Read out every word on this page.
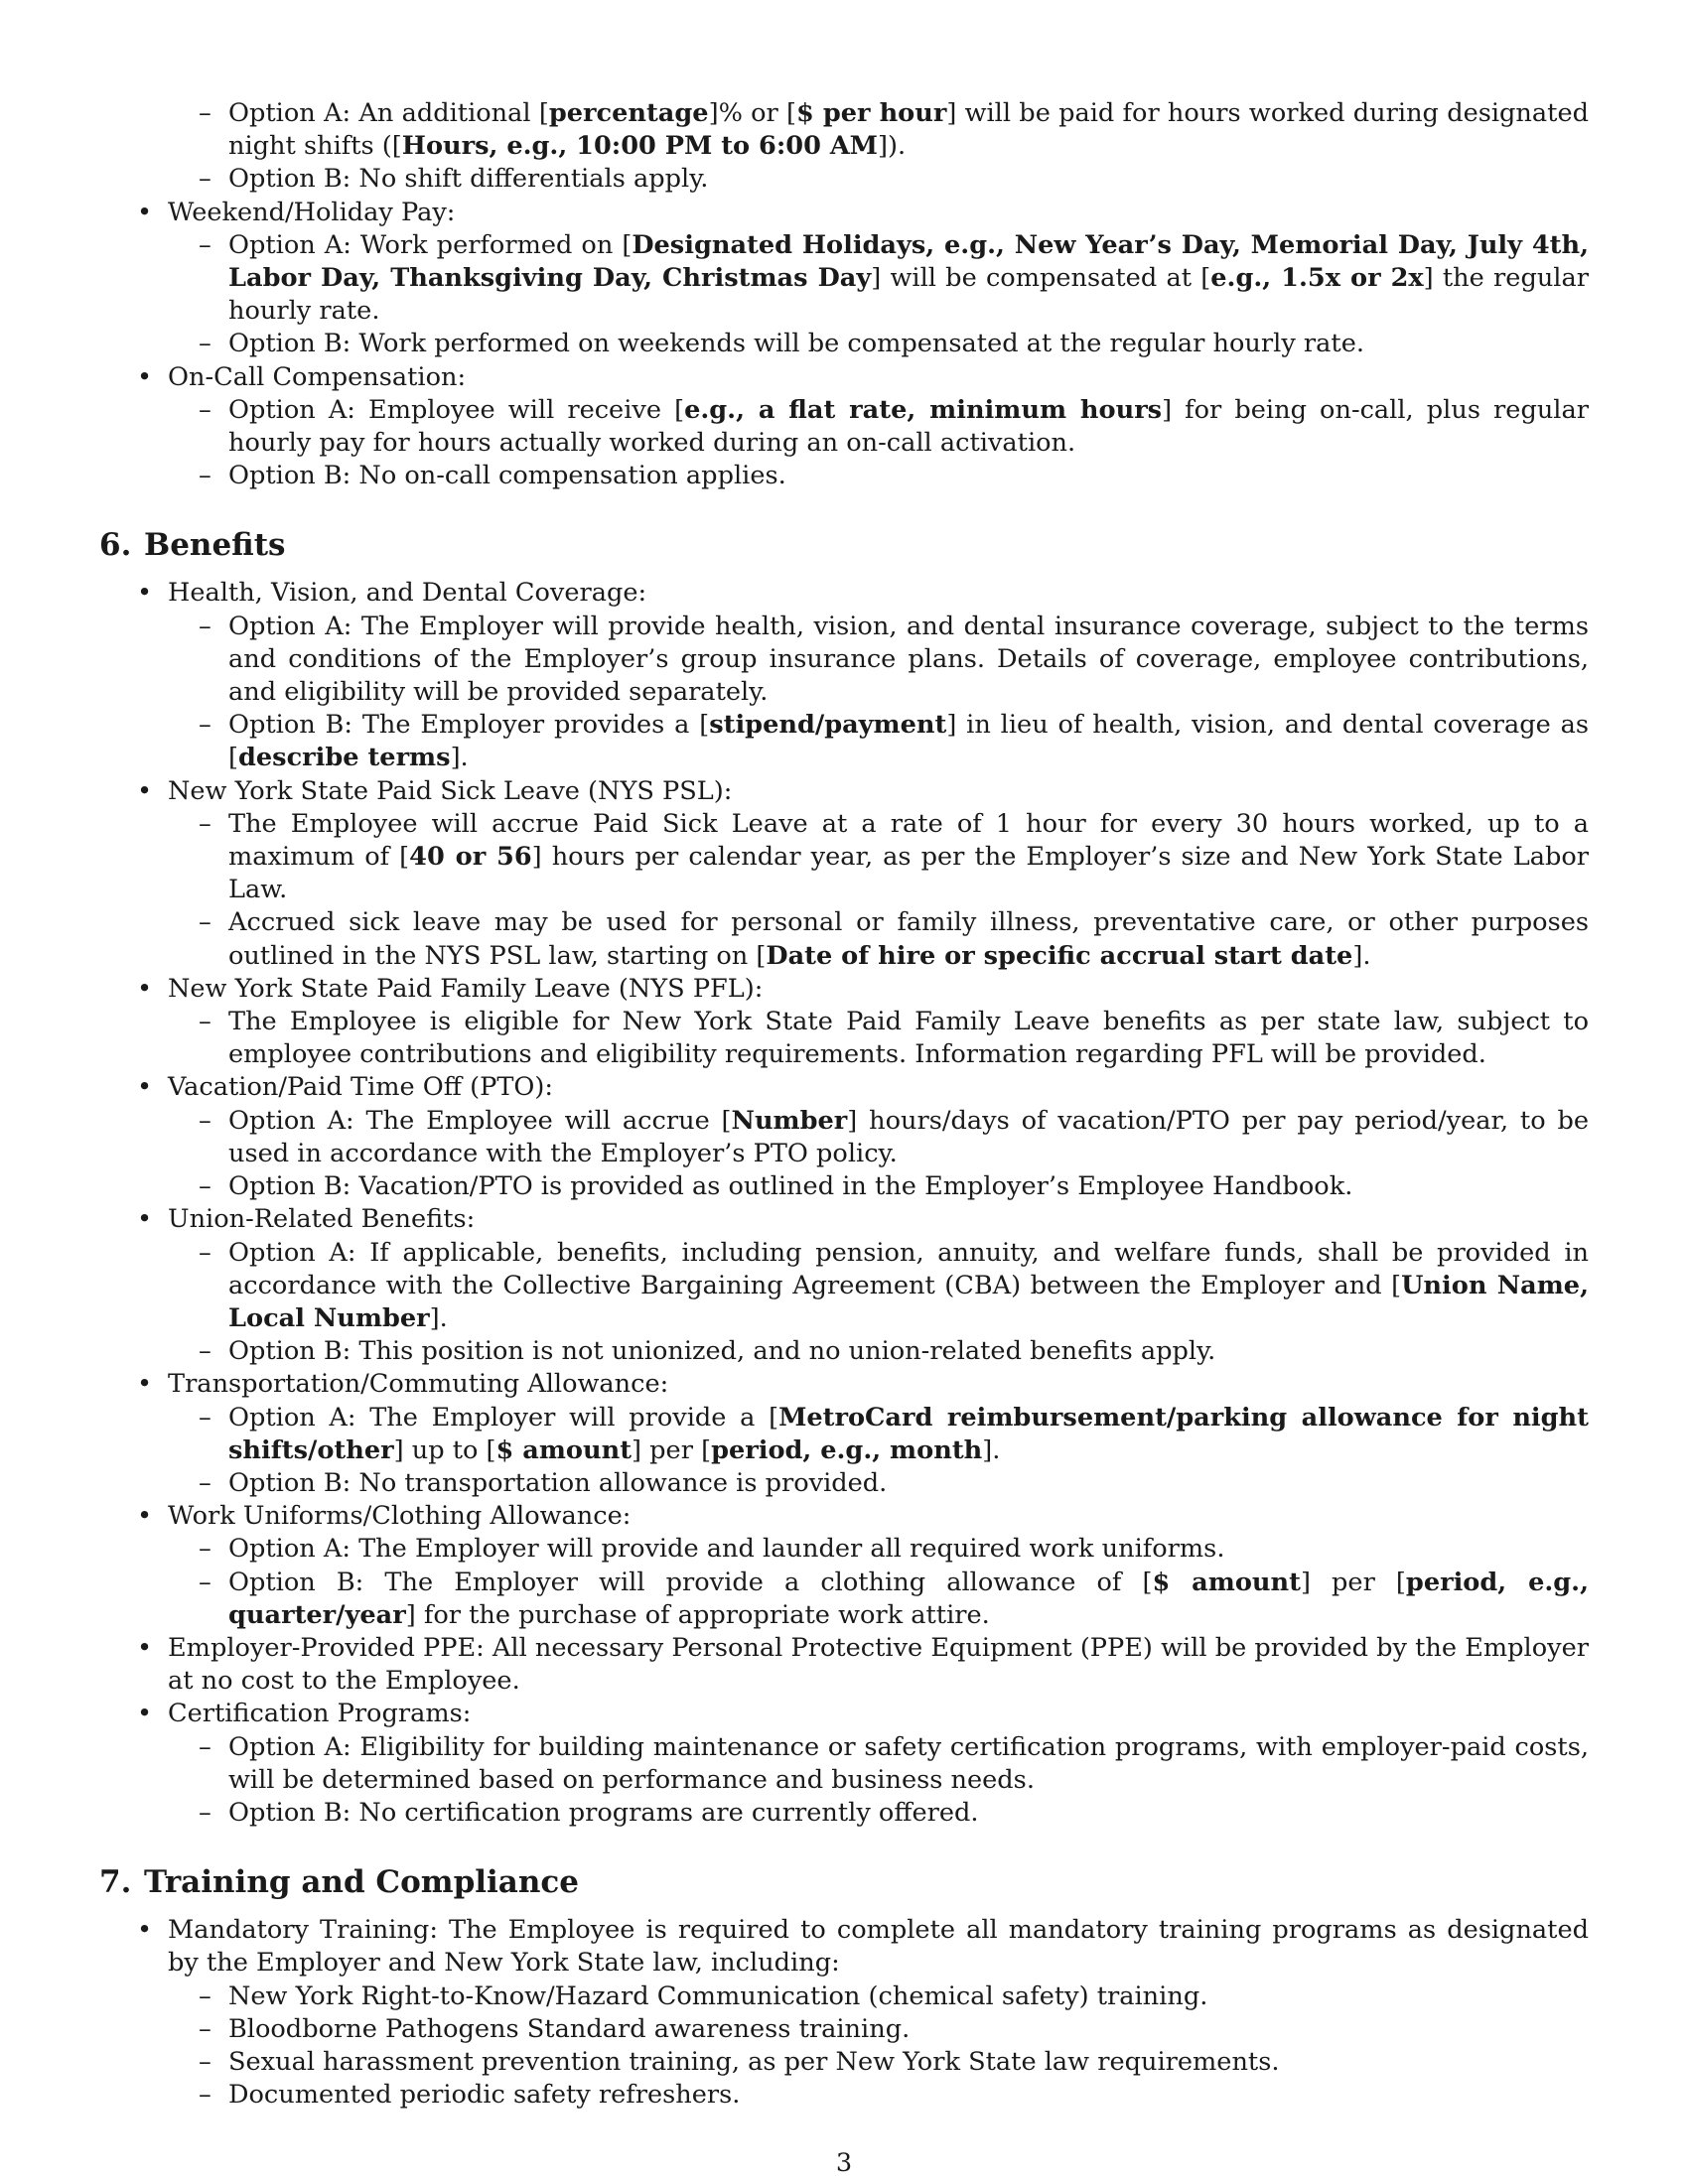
– Option A: An additional [percentage]% or [$ per hour] will be paid for hours worked during designated night shifts ([Hours, e.g., 10:00 PM to 6:00 AM]).
– Option B: No shift differentials apply.
• Weekend/Holiday Pay:
– Option A: Work performed on [Designated Holidays, e.g., New Year’s Day, Memorial Day, July 4th, Labor Day, Thanksgiving Day, Christmas Day] will be compensated at [e.g., 1.5x or 2x] the regular hourly rate.
– Option B: Work performed on weekends will be compensated at the regular hourly rate.
• On-Call Compensation:
– Option A: Employee will receive [e.g., a flat rate, minimum hours] for being on-call, plus regular hourly pay for hours actually worked during an on-call activation.
– Option B: No on-call compensation applies.
6. Benefits
• Health, Vision, and Dental Coverage:
– Option A: The Employer will provide health, vision, and dental insurance coverage, subject to the terms and conditions of the Employer’s group insurance plans. Details of coverage, employee contributions, and eligibility will be provided separately.
– Option B: The Employer provides a [stipend/payment] in lieu of health, vision, and dental coverage as [describe terms].
• New York State Paid Sick Leave (NYS PSL):
– The Employee will accrue Paid Sick Leave at a rate of 1 hour for every 30 hours worked, up to a maximum of [40 or 56] hours per calendar year, as per the Employer’s size and New York State Labor Law.
– Accrued sick leave may be used for personal or family illness, preventative care, or other purposes outlined in the NYS PSL law, starting on [Date of hire or specific accrual start date].
• New York State Paid Family Leave (NYS PFL):
– The Employee is eligible for New York State Paid Family Leave benefits as per state law, subject to employee contributions and eligibility requirements. Information regarding PFL will be provided.
• Vacation/Paid Time Off (PTO):
– Option A: The Employee will accrue [Number] hours/days of vacation/PTO per pay period/year, to be used in accordance with the Employer’s PTO policy.
– Option B: Vacation/PTO is provided as outlined in the Employer’s Employee Handbook.
• Union-Related Benefits:
– Option A: If applicable, benefits, including pension, annuity, and welfare funds, shall be provided in accordance with the Collective Bargaining Agreement (CBA) between the Employer and [Union Name, Local Number].
– Option B: This position is not unionized, and no union-related benefits apply.
• Transportation/Commuting Allowance:
– Option A: The Employer will provide a [MetroCard reimbursement/parking allowance for night shifts/other] up to [$ amount] per [period, e.g., month].
– Option B: No transportation allowance is provided.
• Work Uniforms/Clothing Allowance:
– Option A: The Employer will provide and launder all required work uniforms.
– Option B: The Employer will provide a clothing allowance of [$ amount] per [period, e.g., quarter/year] for the purchase of appropriate work attire.
• Employer-Provided PPE: All necessary Personal Protective Equipment (PPE) will be provided by the Employer at no cost to the Employee.
• Certification Programs:
– Option A: Eligibility for building maintenance or safety certification programs, with employer-paid costs, will be determined based on performance and business needs.
– Option B: No certification programs are currently offered.
7. Training and Compliance
• Mandatory Training: The Employee is required to complete all mandatory training programs as designated by the Employer and New York State law, including:
– New York Right-to-Know/Hazard Communication (chemical safety) training.
– Bloodborne Pathogens Standard awareness training.
– Sexual harassment prevention training, as per New York State law requirements.
– Documented periodic safety refreshers.
3
